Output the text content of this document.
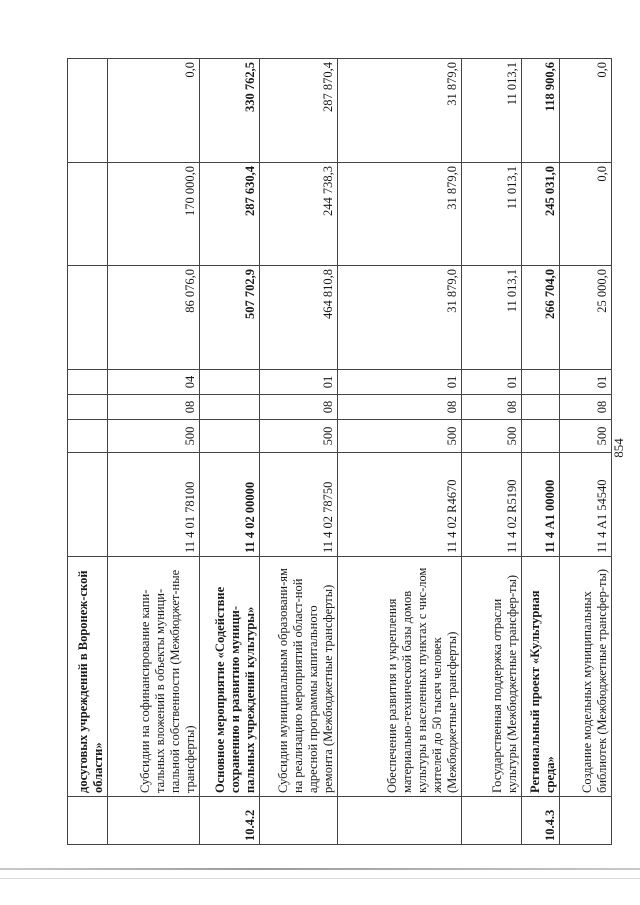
854
	досуговых учреждений в Воронеж-ской области»							
	Субсидии на софинансирование капи-тальных вложений в объекты муници-пальной собственности (Межбюджет-ные трансферты)	11 4 01 78100	500	08	04	86 076,0	170 000,0	0,0
10.4.2	Основное мероприятие «Содействие сохранению и развитию муници-пальных учреждений культуры»	11 4 02 00000				507 702,9	287 630,4	330 762,5
	Субсидии муниципальным образовани-ям на реализацию мероприятий област-ной адресной программы капитального ремонта (Межбюджетные трансферты)	11 4 02 78750	500	08	01	464 810,8	244 738,3	287 870,4
	Обеспечение развития и укрепления материально-технической базы домов культуры в населенных пунктах с чис-лом жителей до 50 тысяч человек (Межбюджетные трансферты)	11 4 02 R4670	500	08	01	31 879,0	31 879,0	31 879,0
	Государственная поддержка отрасли культуры (Межбюджетные трансфер-ты)	11 4 02 R5190	500	08	01	11 013,1	11 013,1	11 013,1
10.4.3	Региональный проект «Культурная среда»	11 4 A1 00000				266 704,0	245 031,0	118 900,6
	Создание модельных муниципальных библиотек (Межбюджетные трансфер-ты)	11 4 A1 54540	500	08	01	25 000,0	0,0	0,0
